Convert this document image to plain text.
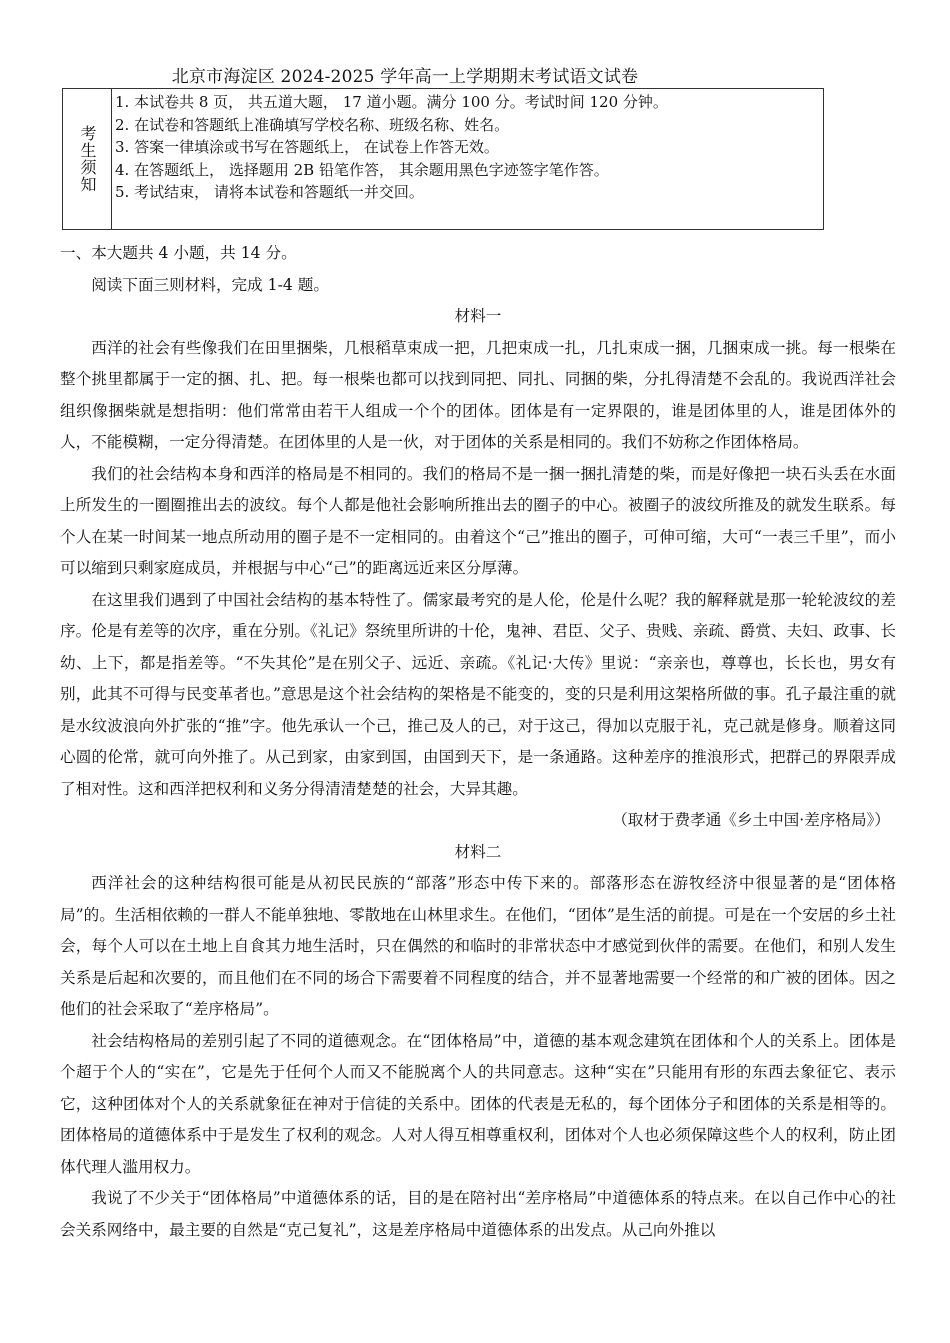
北京市海淀区 2024-2025 学年高一上学期期末考试语文试卷
考生须知
1. 本试卷共 8 页， 共五道大题， 17 道小题。满分 100 分。考试时间 120 分钟。
2. 在试卷和答题纸上准确填写学校名称、班级名称、姓名。
3. 答案一律填涂或书写在答题纸上， 在试卷上作答无效。
4. 在答题纸上， 选择题用 2B 铅笔作答， 其余题用黑色字迹签字笔作答。
5. 考试结束， 请将本试卷和答题纸一并交回。

一、本大题共 4 小题，共 14 分。

阅读下面三则材料，完成 1-4 题。

材料一

西洋的社会有些像我们在田里捆柴，几根稻草束成一把，几把束成一扎，几扎束成一捆，几捆束成一挑。每一根柴在整个挑里都属于一定的捆、扎、把。每一根柴也都可以找到同把、同扎、同捆的柴，分扎得清楚不会乱的。我说西洋社会组织像捆柴就是想指明：他们常常由若干人组成一个个的团体。团体是有一定界限的，谁是团体里的人，谁是团体外的人，不能模糊，一定分得清楚。在团体里的人是一伙，对于团体的关系是相同的。我们不妨称之作团体格局。

我们的社会结构本身和西洋的格局是不相同的。我们的格局不是一捆一捆扎清楚的柴，而是好像把一块石头丢在水面上所发生的一圈圈推出去的波纹。每个人都是他社会影响所推出去的圈子的中心。被圈子的波纹所推及的就发生联系。每个人在某一时间某一地点所动用的圈子是不一定相同的。由着这个“己”推出的圈子，可伸可缩，大可“一表三千里”，而小可以缩到只剩家庭成员，并根据与中心“己”的距离远近来区分厚薄。

在这里我们遇到了中国社会结构的基本特性了。儒家最考究的是人伦，伦是什么呢？我的解释就是那一轮轮波纹的差序。伦是有差等的次序，重在分别。《礼记》祭统里所讲的十伦，鬼神、君臣、父子、贵贱、亲疏、爵赏、夫妇、政事、长幼、上下，都是指差等。“不失其伦”是在别父子、远近、亲疏。《礼记·大传》里说：“亲亲也，尊尊也，长长也，男女有别，此其不可得与民变革者也。”意思是这个社会结构的架格是不能变的，变的只是利用这架格所做的事。孔子最注重的就是水纹波浪向外扩张的“推”字。他先承认一个己，推己及人的己，对于这己，得加以克服于礼，克己就是修身。顺着这同心圆的伦常，就可向外推了。从己到家，由家到国，由国到天下，是一条通路。这种差序的推浪形式，把群己的界限弄成了相对性。这和西洋把权利和义务分得清清楚楚的社会，大异其趣。

（取材于费孝通《乡土中国·差序格局》）

材料二

西洋社会的这种结构很可能是从初民民族的“部落”形态中传下来的。部落形态在游牧经济中很显著的是“团体格局”的。生活相依赖的一群人不能单独地、零散地在山林里求生。在他们，“团体”是生活的前提。可是在一个安居的乡土社会，每个人可以在土地上自食其力地生活时，只在偶然的和临时的非常状态中才感觉到伙伴的需要。在他们，和别人发生关系是后起和次要的，而且他们在不同的场合下需要着不同程度的结合，并不显著地需要一个经常的和广被的团体。因之他们的社会采取了“差序格局”。

社会结构格局的差别引起了不同的道德观念。在“团体格局”中，道德的基本观念建筑在团体和个人的关系上。团体是个超于个人的“实在”，它是先于任何个人而又不能脱离个人的共同意志。这种“实在”只能用有形的东西去象征它、表示它，这种团体对个人的关系就象征在神对于信徒的关系中。团体的代表是无私的，每个团体分子和团体的关系是相等的。团体格局的道德体系中于是发生了权利的观念。人对人得互相尊重权利，团体对个人也必须保障这些个人的权利，防止团体代理人滥用权力。

我说了不少关于“团体格局”中道德体系的话，目的是在陪衬出“差序格局”中道德体系的特点来。在以自己作中心的社会关系网络中，最主要的自然是“克己复礼”，这是差序格局中道德体系的出发点。从己向外推以
